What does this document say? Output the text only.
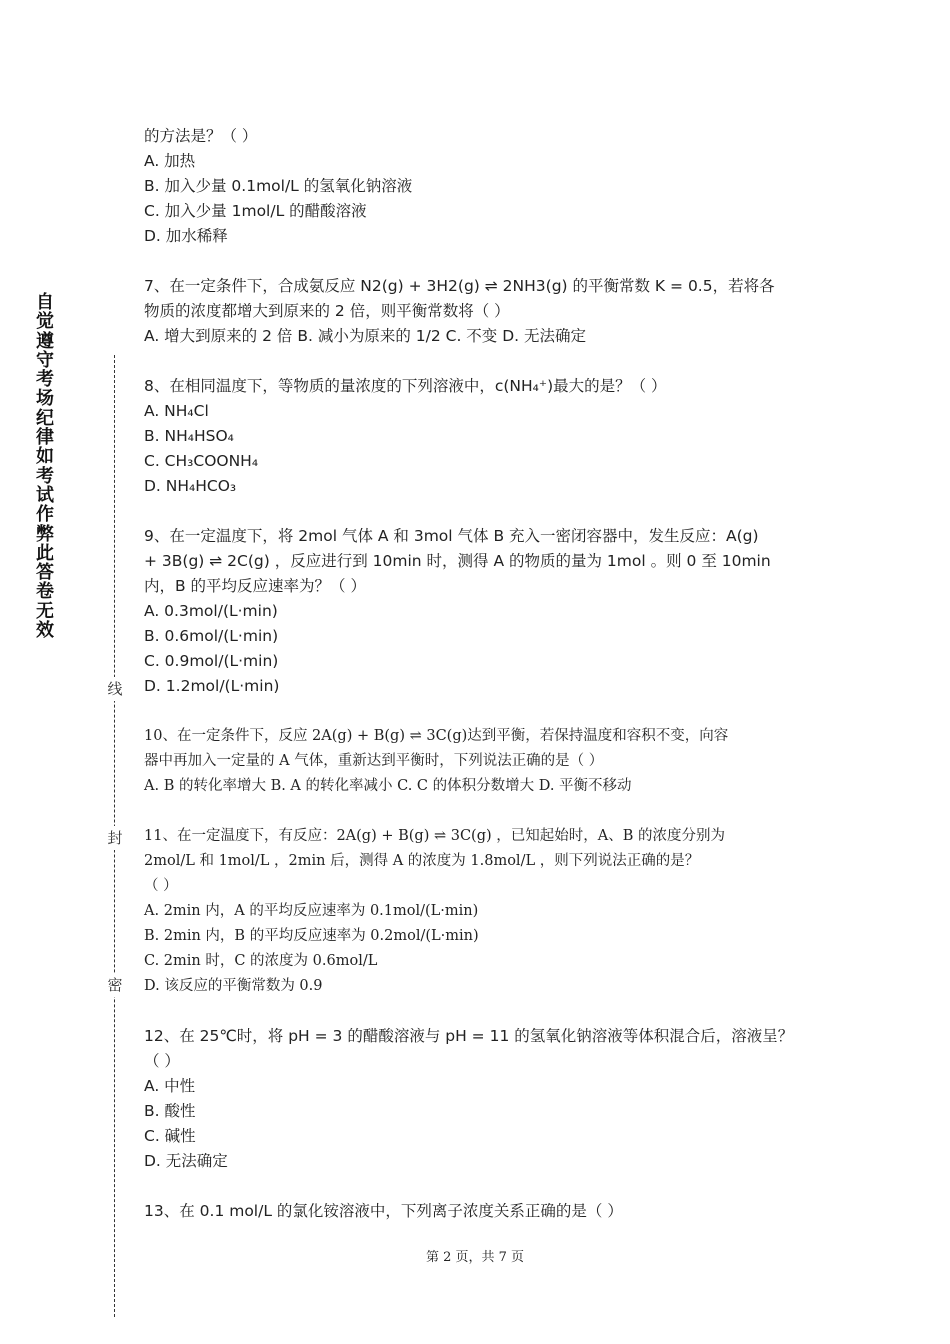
自觉遵守考场纪律如考试作弊此答卷无效
线
封
密
的方法是？（ ）
A. 加热
B. 加入少量 0.1mol/L 的氢氧化钠溶液
C. 加入少量 1mol/L 的醋酸溶液
D. 加水稀释
7、在一定条件下，合成氨反应 N2(g) + 3H2(g) ⇌ 2NH3(g) 的平衡常数 K = 0.5，若将各
物质的浓度都增大到原来的 2 倍，则平衡常数将（ ）
A. 增大到原来的 2 倍 B. 减小为原来的 1/2 C. 不变 D. 无法确定
8、在相同温度下，等物质的量浓度的下列溶液中，c(NH₄⁺)最大的是？（ ）
A. NH₄Cl
B. NH₄HSO₄
C. CH₃COONH₄
D. NH₄HCO₃
9、在一定温度下，将 2mol 气体 A 和 3mol 气体 B 充入一密闭容器中，发生反应：A(g)
+ 3B(g) ⇌ 2C(g) ，反应进行到 10min 时，测得 A 的物质的量为 1mol 。则 0 至 10min
内，B 的平均反应速率为？（ ）
A. 0.3mol/(L·min)
B. 0.6mol/(L·min)
C. 0.9mol/(L·min)
D. 1.2mol/(L·min)
10、在一定条件下，反应 2A(g) + B(g) ⇌ 3C(g)达到平衡，若保持温度和容积不变，向容
器中再加入一定量的 A 气体，重新达到平衡时，下列说法正确的是（ ）
A. B 的转化率增大 B. A 的转化率减小 C. C 的体积分数增大 D. 平衡不移动
11、在一定温度下，有反应：2A(g) + B(g) ⇌ 3C(g) ，已知起始时，A、B 的浓度分别为
2mol/L 和 1mol/L ，2min 后，测得 A 的浓度为 1.8mol/L ，则下列说法正确的是？
（ ）
A. 2min 内，A 的平均反应速率为 0.1mol/(L·min)
B. 2min 内，B 的平均反应速率为 0.2mol/(L·min)
C. 2min 时，C 的浓度为 0.6mol/L
D. 该反应的平衡常数为 0.9
12、在 25℃时，将 pH = 3 的醋酸溶液与 pH = 11 的氢氧化钠溶液等体积混合后，溶液呈？
（ ）
A. 中性
B. 酸性
C. 碱性
D. 无法确定
13、在 0.1 mol/L 的氯化铵溶液中，下列离子浓度关系正确的是（ ）
第 2 页，共 7 页
